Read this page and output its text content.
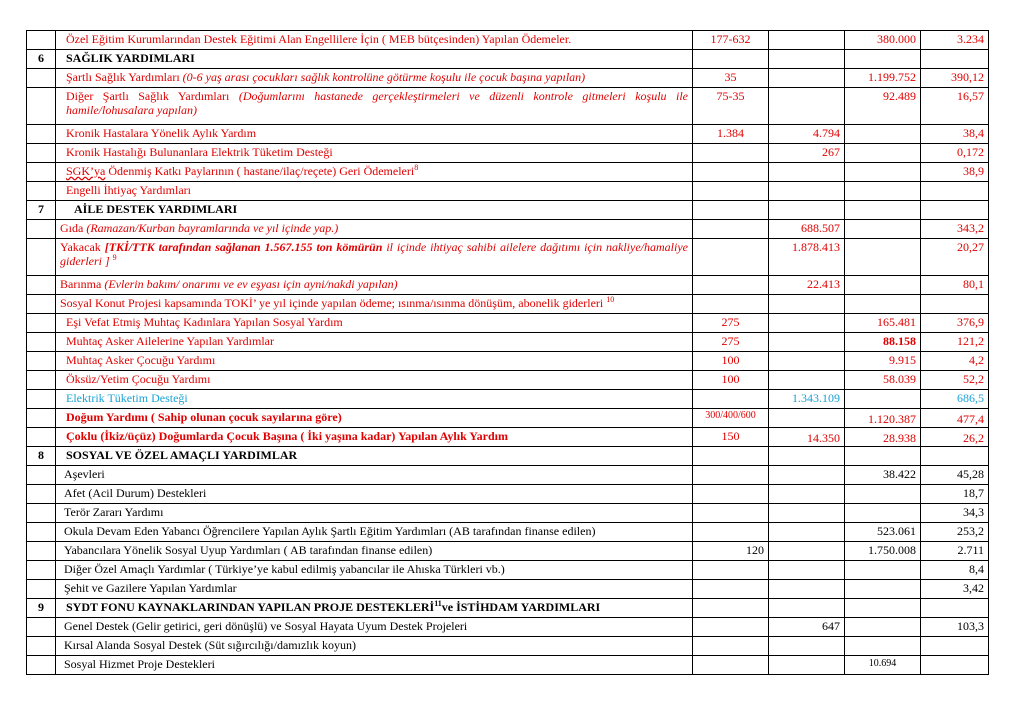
	Özel Eğitim Kurumlarından Destek Eğitimi Alan Engellilere İçin ( MEB bütçesinden) Yapılan Ödemeler.	177-632		380.000	3.234
6	SAĞLIK YARDIMLARI				
	Şartlı Sağlık Yardımları (0-6 yaş arası çocukları sağlık kontrolüne götürme koşulu ile çocuk başına yapılan)	35		1.199.752	390,12
	Diğer Şartlı Sağlık Yardımları (Doğumlarını hastanede gerçekleştirmeleri ve düzenli kontrole gitmeleri koşulu ile hamile/lohusalara yapılan)	75-35		92.489	16,57
	Kronik Hastalara Yönelik Aylık Yardım	1.384	4.794		38,4
	Kronik Hastalığı Bulunanlara Elektrik Tüketim Desteği		267		0,172
	SGK’ya Ödenmiş Katkı Paylarının ( hastane/ilaç/reçete) Geri Ödemeleri$^8$				38,9
	Engelli İhtiyaç Yardımları				
7	AİLE DESTEK YARDIMLARI				
	Gıda (Ramazan/Kurban bayramlarında ve yıl içinde yap.)		688.507		343,2
	Yakacak [TKİ/TTK tarafından sağlanan 1.567.155 ton kömürün il içinde ihtiyaç sahibi ailelere dağıtımı için nakliye/hamaliye giderleri ] $^9$		1.878.413		20,27
	Barınma (Evlerin bakım/ onarımı ve ev eşyası için ayni/nakdi yapılan)		22.413		80,1
	Sosyal Konut Projesi kapsamında TOKİ’ ye yıl içinde yapılan ödeme; ısınma/ısınma dönüşüm, abonelik giderleri $^{10}$				
	Eşi Vefat Etmiş Muhtaç Kadınlara Yapılan Sosyal Yardım	275		165.481	376,9
	Muhtaç Asker Ailelerine Yapılan Yardımlar	275		88.158	121,2
	Muhtaç Asker Çocuğu Yardımı	100		9.915	4,2
	Öksüz/Yetim Çocuğu Yardımı	100		58.039	52,2
	Elektrik Tüketim Desteği		1.343.109		686,5
	Doğum Yardımı ( Sahip olunan çocuk sayılarına göre)	300/400/600		1.120.387	477,4
	Çoklu (İkiz/üçüz) Doğumlarda Çocuk Başına ( İki yaşına kadar) Yapılan Aylık Yardım	150	14.350	28.938	26,2
8	SOSYAL VE ÖZEL AMAÇLI YARDIMLAR				
	Aşevleri			38.422	45,28
	Afet (Acil Durum) Destekleri				18,7
	Terör Zararı Yardımı				34,3
	Okula Devam Eden Yabancı Öğrencilere Yapılan Aylık Şartlı Eğitim Yardımları (AB tarafından finanse edilen)			523.061	253,2
	Yabancılara Yönelik Sosyal Uyup Yardımları ( AB tarafından finanse edilen)	120		1.750.008	2.711
	Diğer Özel Amaçlı Yardımlar ( Türkiye’ye kabul edilmiş yabancılar ile Ahıska Türkleri vb.)				8,4
	Şehit ve Gazilere Yapılan Yardımlar				3,42
9	SYDT FONU KAYNAKLARINDAN YAPILAN PROJE DESTEKLERİ$^{11}$ve İSTİHDAM YARDIMLARI				
	Genel Destek (Gelir getirici, geri dönüşlü) ve Sosyal Hayata Uyum Destek Projeleri		647		103,3
	Kırsal Alanda Sosyal Destek (Süt sığırcılığı/damızlık koyun)				
	Sosyal Hizmet Proje Destekleri			10.694	
